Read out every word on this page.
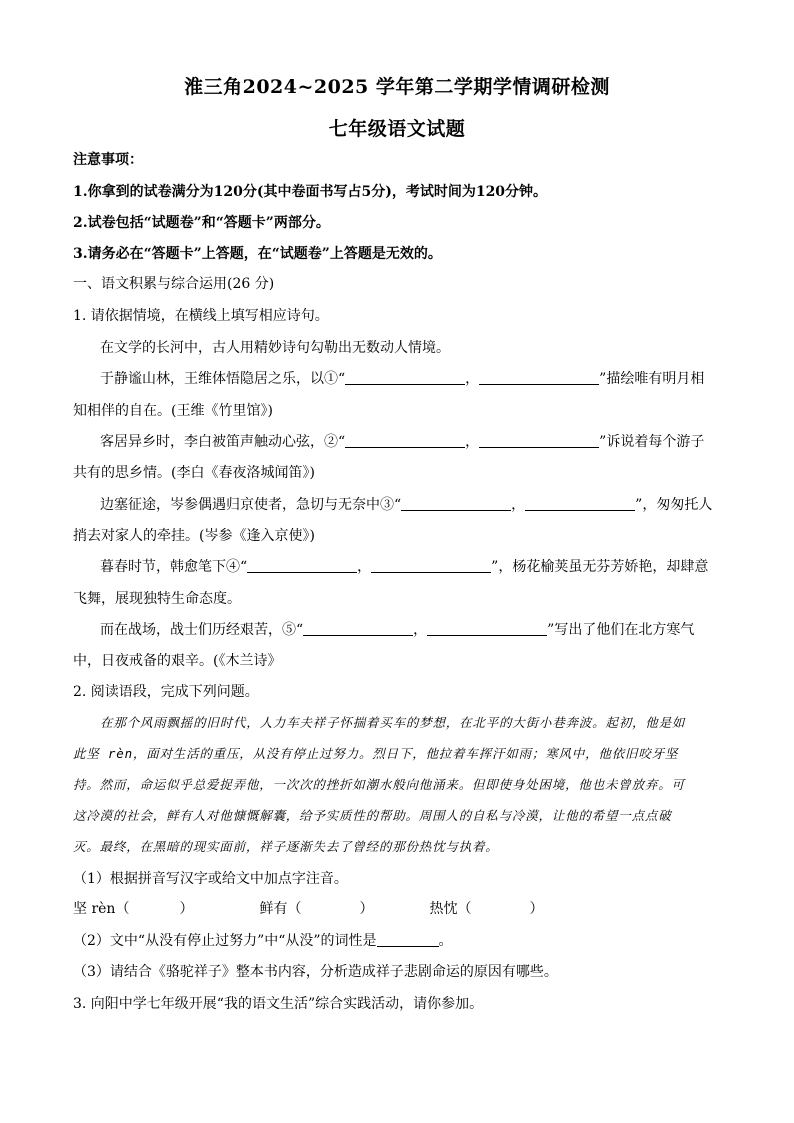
淮三角2024~2025 学年第二学期学情调研检测
七年级语文试题
注意事项：
1.你拿到的试卷满分为120分(其中卷面书写占5分)，考试时间为120分钟。
2.试卷包括“试题卷”和“答题卡”两部分。
3.请务必在“答题卡”上答题，在“试题卷”上答题是无效的。
一、语文积累与综合运用(26 分)
1. 请依据情境，在横线上填写相应诗句。
在文学的长河中，古人用精妙诗句勾勒出无数动人情境。
于静谧山林，王维体悟隐居之乐，以①“	，	”描绘唯有明月相
知相伴的自在。(王维《竹里馆》)
客居异乡时，李白被笛声触动心弦，②“	，	”诉说着每个游子
共有的思乡情。(李白《春夜洛城闻笛》)
边塞征途，岑参偶遇归京使者，急切与无奈中③“	，	”，匆匆托人
捎去对家人的牵挂。(岑参《逢入京使》)
暮春时节，韩愈笔下④“	，	”，杨花榆荚虽无芬芳娇艳，却肆意
飞舞，展现独特生命态度。
而在战场，战士们历经艰苦，⑤“	，	”写出了他们在北方寒气
中，日夜戒备的艰辛。(《木兰诗》
2. 阅读语段，完成下列问题。
在那个风雨飘摇的旧时代，人力车夫祥子怀揣着买车的梦想，在北平的大街小巷奔波。起初，他是如
此坚 rèn，面对生活的重压，从没有停止过努力。烈日下，他拉着车挥汗如雨；寒风中，他依旧咬牙坚
持。然而，命运似乎总爱捉弄他，一次次的挫折如潮水般向他涌来。但即使身处困境，他也未曾放弃。可
这冷漠的社会，鲜有人对他慷慨解囊，给予实质性的帮助。周围人的自私与冷漠，让他的希望一点点破
灭。最终，在黑暗的现实面前，祥子逐渐失去了曾经的那份热忱与执着。
（1）根据拼音写汉字或给文中加点字注音。
坚 rèn（	）	鲜有（	）	热忱（	）
（2）文中“从没有停止过努力”中“从没”的词性是	。
（3）请结合《骆驼祥子》整本书内容，分析造成祥子悲剧命运的原因有哪些。
3. 向阳中学七年级开展“我的语文生活”综合实践活动，请你参加。
